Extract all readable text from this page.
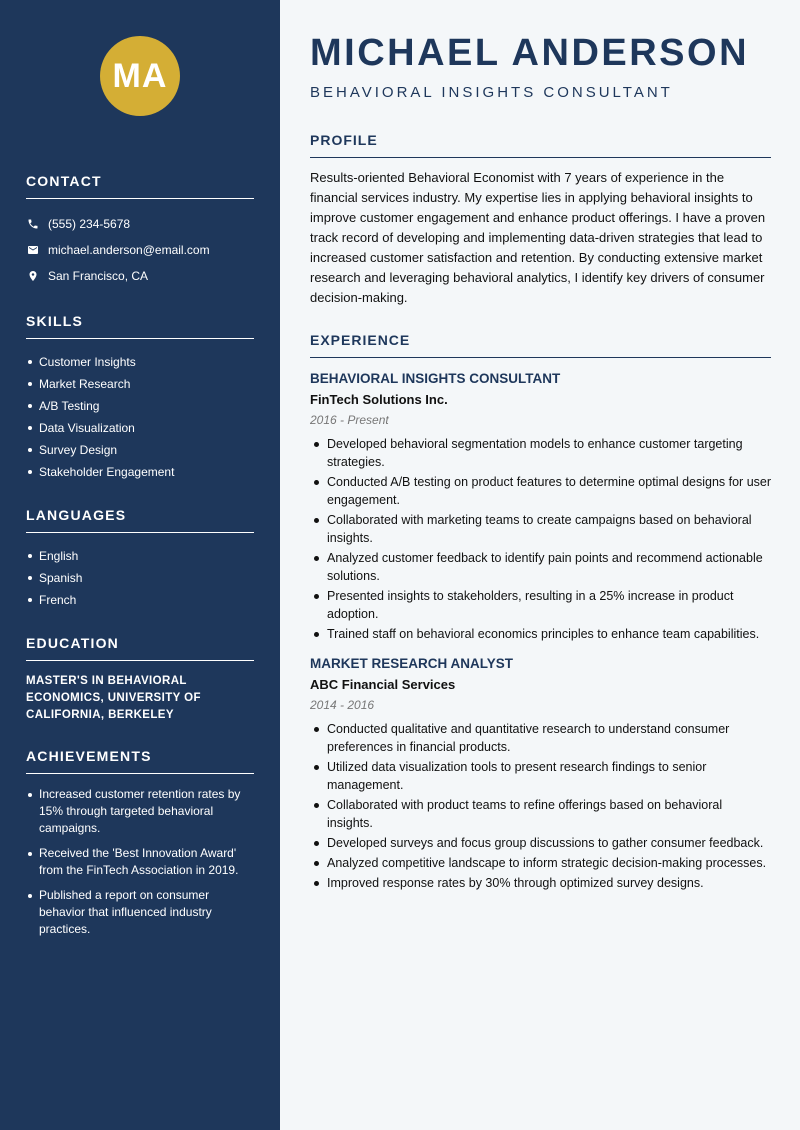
MA
CONTACT
(555) 234-5678
michael.anderson@email.com
San Francisco, CA
SKILLS
Customer Insights
Market Research
A/B Testing
Data Visualization
Survey Design
Stakeholder Engagement
LANGUAGES
English
Spanish
French
EDUCATION
MASTER'S IN BEHAVIORAL ECONOMICS, UNIVERSITY OF CALIFORNIA, BERKELEY
ACHIEVEMENTS
Increased customer retention rates by 15% through targeted behavioral campaigns.
Received the 'Best Innovation Award' from the FinTech Association in 2019.
Published a report on consumer behavior that influenced industry practices.
MICHAEL ANDERSON
BEHAVIORAL INSIGHTS CONSULTANT
PROFILE

Results-oriented Behavioral Economist with 7 years of experience in the financial services industry. My expertise lies in applying behavioral insights to improve customer engagement and enhance product offerings. I have a proven track record of developing and implementing data-driven strategies that lead to increased customer satisfaction and retention. By conducting extensive market research and leveraging behavioral analytics, I identify key drivers of consumer decision-making.

EXPERIENCE
BEHAVIORAL INSIGHTS CONSULTANT
FinTech Solutions Inc.
2016 - Present
Developed behavioral segmentation models to enhance customer targeting strategies.
Conducted A/B testing on product features to determine optimal designs for user engagement.
Collaborated with marketing teams to create campaigns based on behavioral insights.
Analyzed customer feedback to identify pain points and recommend actionable solutions.
Presented insights to stakeholders, resulting in a 25% increase in product adoption.
Trained staff on behavioral economics principles to enhance team capabilities.
MARKET RESEARCH ANALYST
ABC Financial Services
2014 - 2016
Conducted qualitative and quantitative research to understand consumer preferences in financial products.
Utilized data visualization tools to present research findings to senior management.
Collaborated with product teams to refine offerings based on behavioral insights.
Developed surveys and focus group discussions to gather consumer feedback.
Analyzed competitive landscape to inform strategic decision-making processes.
Improved response rates by 30% through optimized survey designs.
